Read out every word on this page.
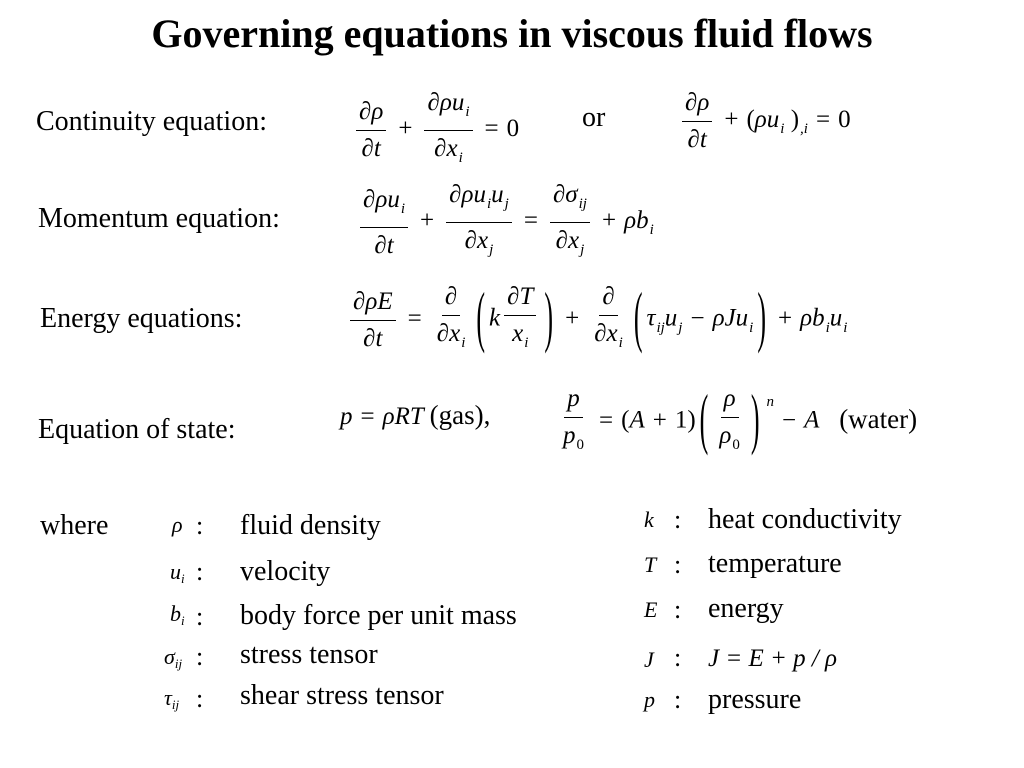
Governing equations in viscous fluid flows
Continuity equation:	$\frac{\partial\rho}{\partial t} + \frac{\partial\rho u_i}{\partial x_i} = 0$ or	$\frac{\partial\rho}{\partial t} + (\rho u_i$ )$_{,i} = 0$
Momentum equation:	$\frac{\partial\rho u_i}{\partial t} + \frac{\partial\rho u_iu_j}{\partial x_j} = \frac{\partial\sigma_{ij}}{\partial x_j} + \rho b_i$
Energy equations:	$\frac{\partial\rho E}{\partial t} = \frac{\partial}{\partial x_i}$ ( k $\frac{\partial T}{x_i}$ ) + $\frac{\partial}{\partial x_i}$ ( $\tau_{ij}u_j - \rho Ju_i$ ) + $\rho b_iu_i$
Equation of state:	p = ρRT (gas),	$\frac{p}{p_0} = (A + 1)$ ( $\frac{\rho}{\rho_0}$ ) $^n$− A (water)
where	ρ : fluid density
ui : velocity
bi : body force per unit mass
σij : stress tensor
τij : shear stress tensor
k : heat conductivity
T : temperature
E : energy
J : J = E + p / ρ
p : pressure
